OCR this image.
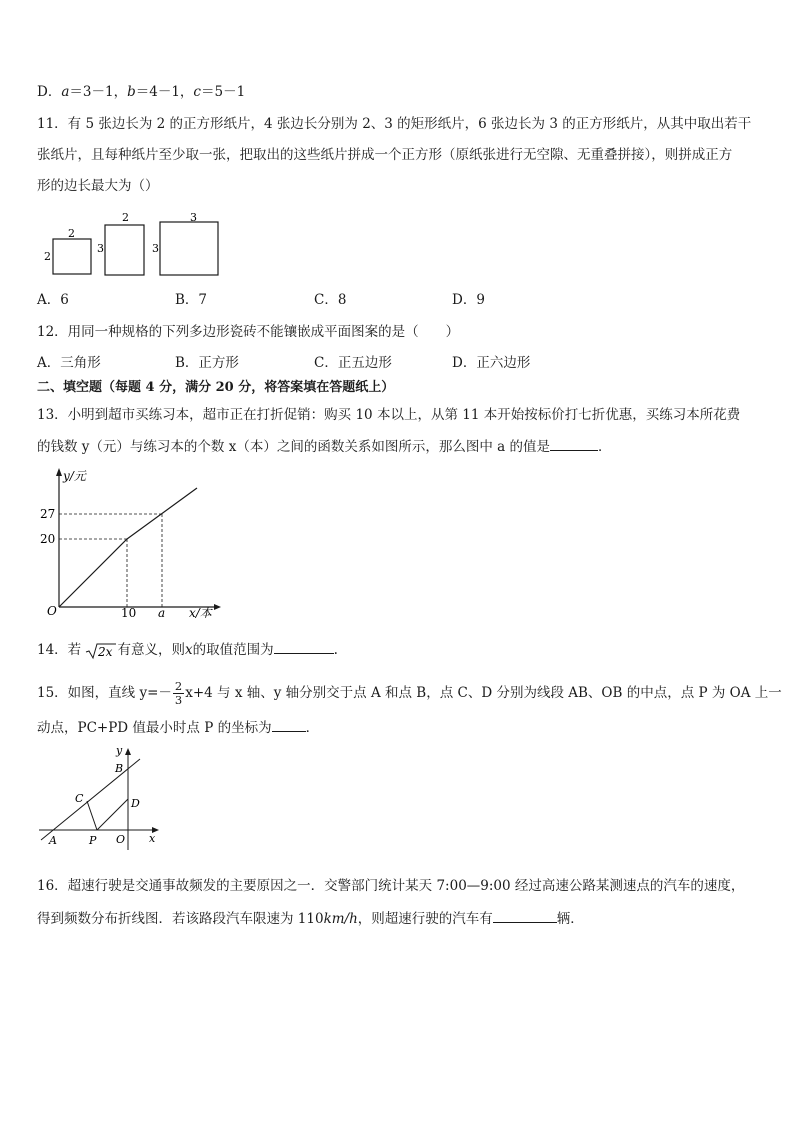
D．a＝3－1，b＝4－1，c＝5－1
11．有 5 张边长为 2 的正方形纸片，4 张边长分别为 2、3 的矩形纸片，6 张边长为 3 的正方形纸片，从其中取出若干
张纸片，且每种纸片至少取一张，把取出的这些纸片拼成一个正方形（原纸张进行无空隙、无重叠拼接），则拼成正方
形的边长最大为（）
2
2
2
3
3
3
A．6	B．7	C．8	D．9
12．用同一种规格的下列多边形瓷砖不能镶嵌成平面图案的是（　　）
A．三角形	B．正方形	C．正五边形	D．正六边形
二、填空题（每题 4 分，满分 20 分，将答案填在答题纸上）
13．小明到超市买练习本，超市正在打折促销：购买 10 本以上，从第 11 本开始按标价打七折优惠，买练习本所花费
的钱数 y（元）与练习本的个数 x（本）之间的函数关系如图所示，那么图中 a 的值是	．
y/元
27
20
O	10 a x/本
14．若 2x 有意义，则x的取值范围为	.
15．如图，直线 $y=- \frac{2}{3} x+4$ 与 x 轴、y 轴分别交于点 A 和点 B，点 C、D 分别为线段 AB、OB 的中点，点 P 为 OA 上一
动点，PC+PD 值最小时点 P 的坐标为	．
y
B
C	D
A	P O x
16．超速行驶是交通事故频发的主要原因之一．交警部门统计某天 7:00—9:00 经过高速公路某测速点的汽车的速度，
得到频数分布折线图．若该路段汽车限速为 110km/h，则超速行驶的汽车有	辆．
